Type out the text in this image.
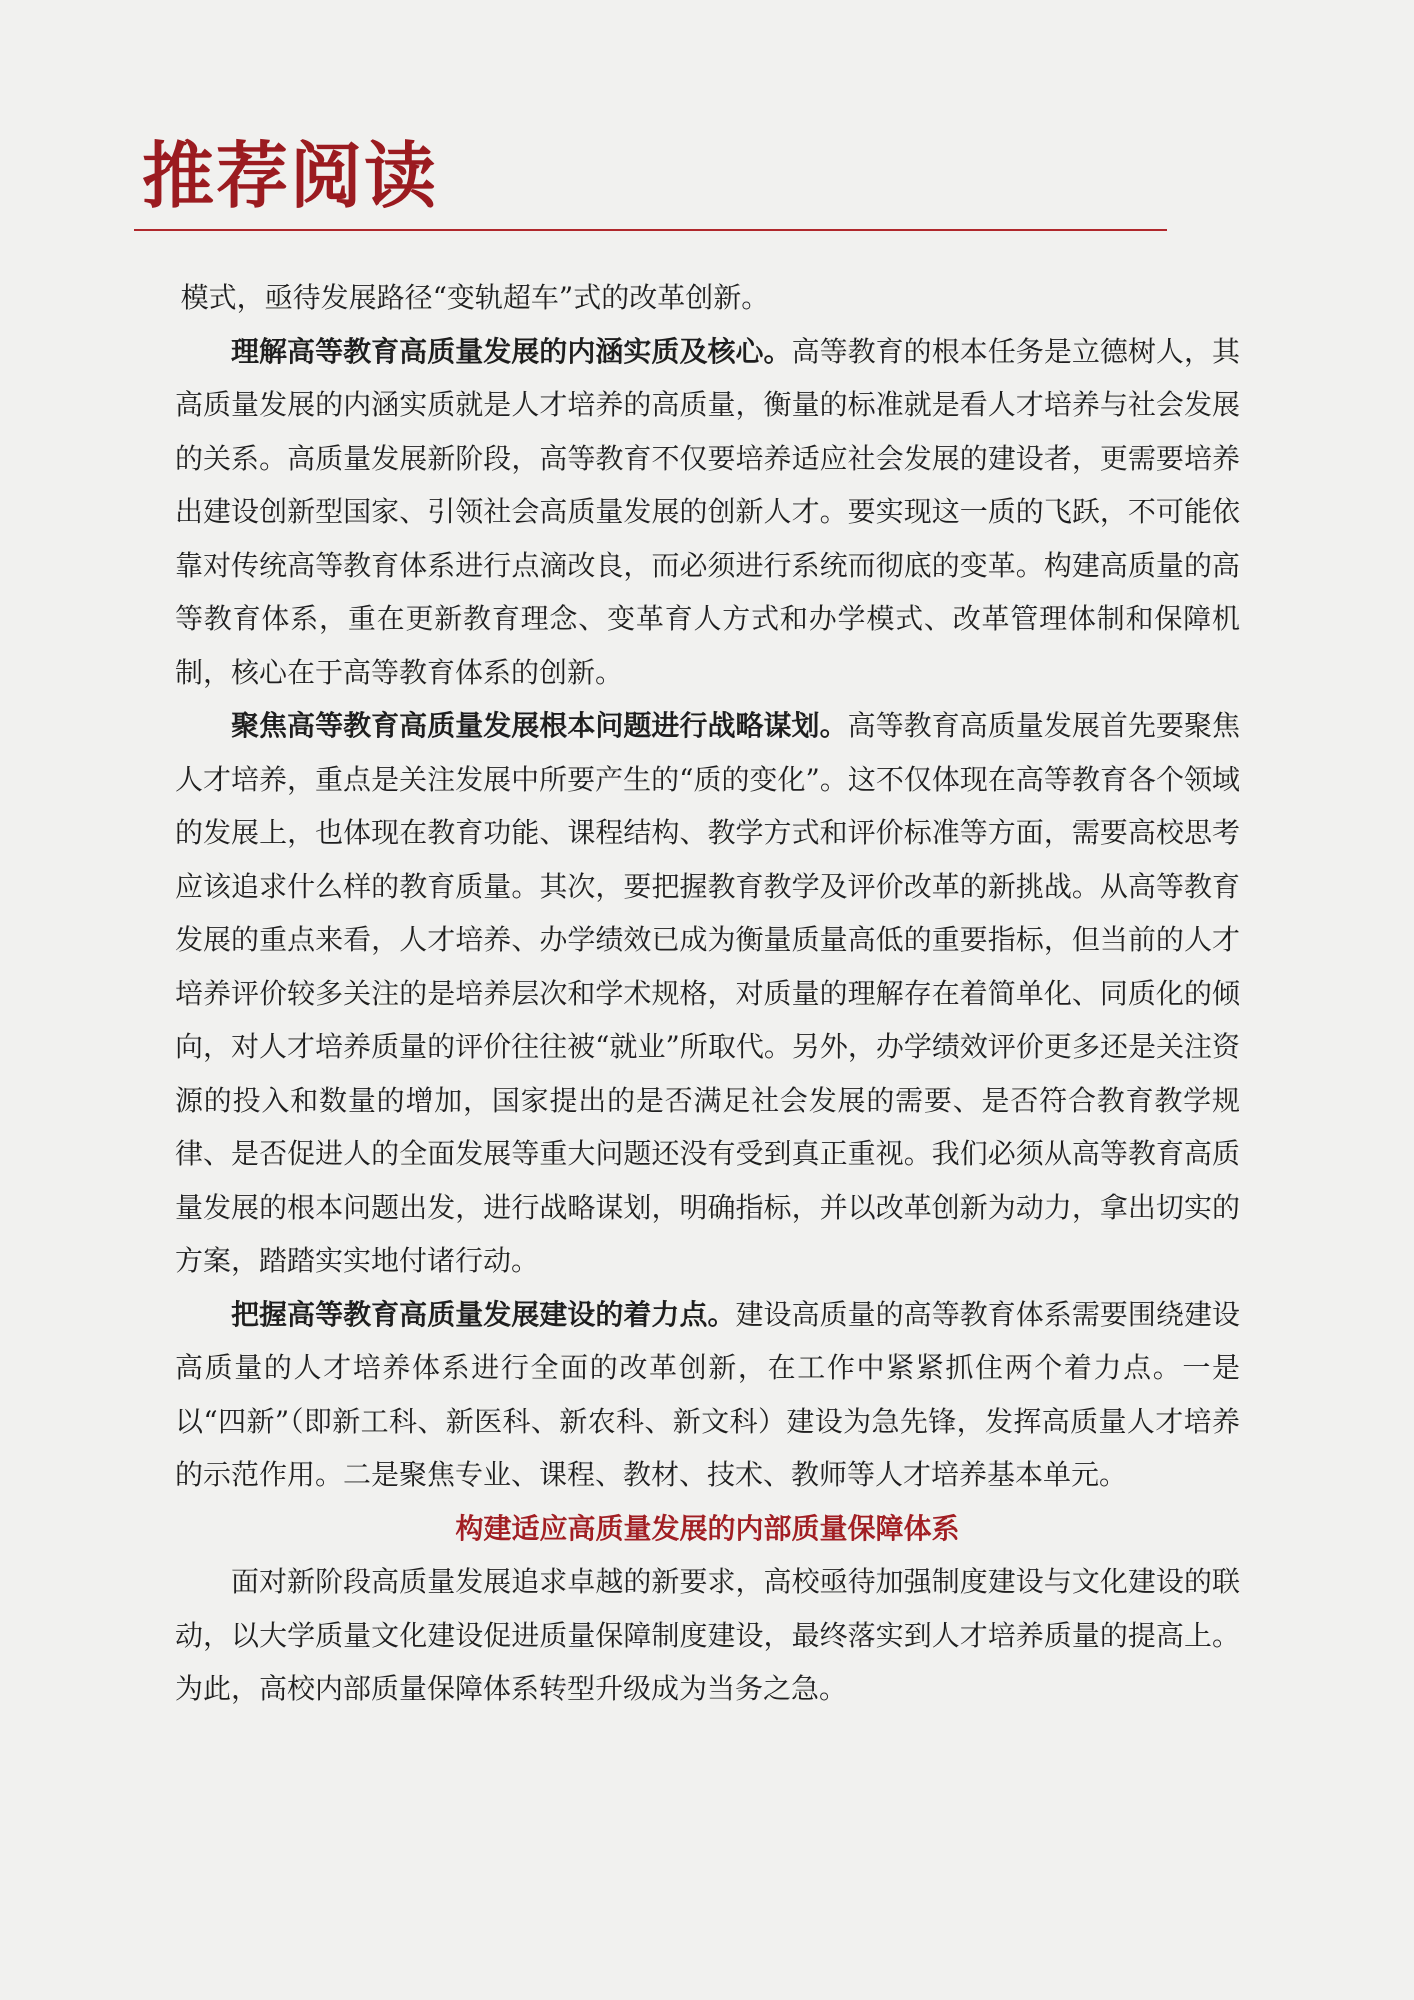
推荐阅读

模式，亟待发展路径“变轨超车”式的改革创新。

理解高等教育高质量发展的内涵实质及核心。高等教育的根本任务是立德树人，其高质量发展的内涵实质就是人才培养的高质量，衡量的标准就是看人才培养与社会发展的关系。高质量发展新阶段，高等教育不仅要培养适应社会发展的建设者，更需要培养出建设创新型国家、引领社会高质量发展的创新人才。要实现这一质的飞跃，不可能依靠对传统高等教育体系进行点滴改良，而必须进行系统而彻底的变革。构建高质量的高等教育体系，重在更新教育理念、变革育人方式和办学模式、改革管理体制和保障机制，核心在于高等教育体系的创新。

聚焦高等教育高质量发展根本问题进行战略谋划。高等教育高质量发展首先要聚焦人才培养，重点是关注发展中所要产生的“质的变化”。这不仅体现在高等教育各个领域的发展上，也体现在教育功能、课程结构、教学方式和评价标准等方面，需要高校思考应该追求什么样的教育质量。其次，要把握教育教学及评价改革的新挑战。从高等教育发展的重点来看，人才培养、办学绩效已成为衡量质量高低的重要指标，但当前的人才培养评价较多关注的是培养层次和学术规格，对质量的理解存在着简单化、同质化的倾向，对人才培养质量的评价往往被“就业”所取代。另外，办学绩效评价更多还是关注资源的投入和数量的增加，国家提出的是否满足社会发展的需要、是否符合教育教学规律、是否促进人的全面发展等重大问题还没有受到真正重视。我们必须从高等教育高质量发展的根本问题出发，进行战略谋划，明确指标，并以改革创新为动力，拿出切实的方案，踏踏实实地付诸行动。

把握高等教育高质量发展建设的着力点。建设高质量的高等教育体系需要围绕建设高质量的人才培养体系进行全面的改革创新，在工作中紧紧抓住两个着力点。一是以“四新”（即新工科、新医科、新农科、新文科）建设为急先锋，发挥高质量人才培养的示范作用。二是聚焦专业、课程、教材、技术、教师等人才培养基本单元。

构建适应高质量发展的内部质量保障体系

面对新阶段高质量发展追求卓越的新要求，高校亟待加强制度建设与文化建设的联动，以大学质量文化建设促进质量保障制度建设，最终落实到人才培养质量的提高上。为此，高校内部质量保障体系转型升级成为当务之急。
